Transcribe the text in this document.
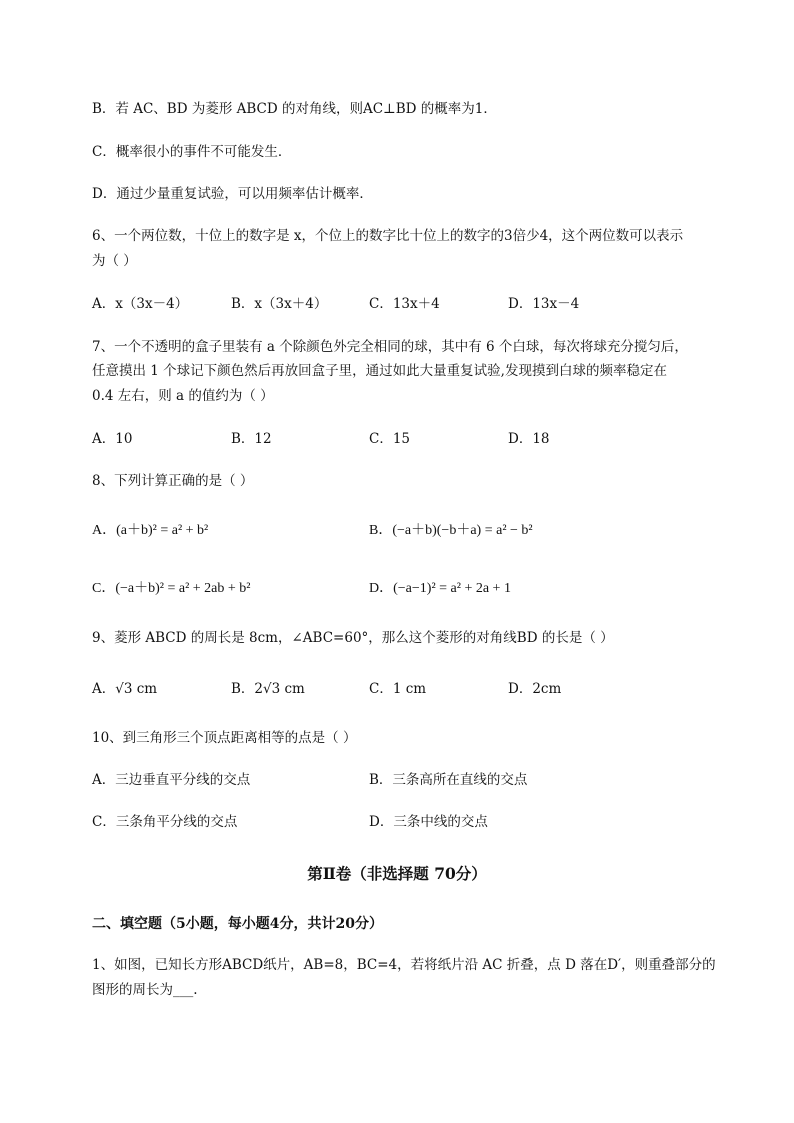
B．若 AC、BD 为菱形 ABCD 的对角线，则AC⊥BD 的概率为1．
C．概率很小的事件不可能发生．
D．通过少量重复试验，可以用频率估计概率．
6、一个两位数，十位上的数字是 x，个位上的数字比十位上的数字的3倍少4，这个两位数可以表示
为（ ）
A．x（3x－4）	B．x（3x＋4）	C．13x＋4	D．13x－4
7、一个不透明的盒子里装有 a 个除颜色外完全相同的球，其中有 6 个白球，每次将球充分搅匀后，
任意摸出 1 个球记下颜色然后再放回盒子里，通过如此大量重复试验,发现摸到白球的频率稳定在
0.4 左右，则 a 的值约为（ ）
A．10	B．12	C．15	D．18
8、下列计算正确的是（ ）
A．(a＋b)² = a² + b²	B．(−a＋b)(−b＋a) = a² − b²
C．(−a＋b)² = a² + 2ab + b²	D．(−a−1)² = a² + 2a + 1
9、菱形 ABCD 的周长是 8cm，∠ABC=60°，那么这个菱形的对角线BD 的长是（ ）
A．√3 cm	B．2√3 cm	C．1 cm	D．2cm
10、到三角形三个顶点距离相等的点是（ ）
A．三边垂直平分线的交点	B．三条高所在直线的交点
C．三条角平分线的交点	D．三条中线的交点
第Ⅱ卷（非选择题 70分）
二、填空题（5小题，每小题4分，共计20分）
1、如图，已知长方形ABCD纸片，AB=8，BC=4，若将纸片沿 AC 折叠，点 D 落在D′，则重叠部分的
图形的周长为___.
